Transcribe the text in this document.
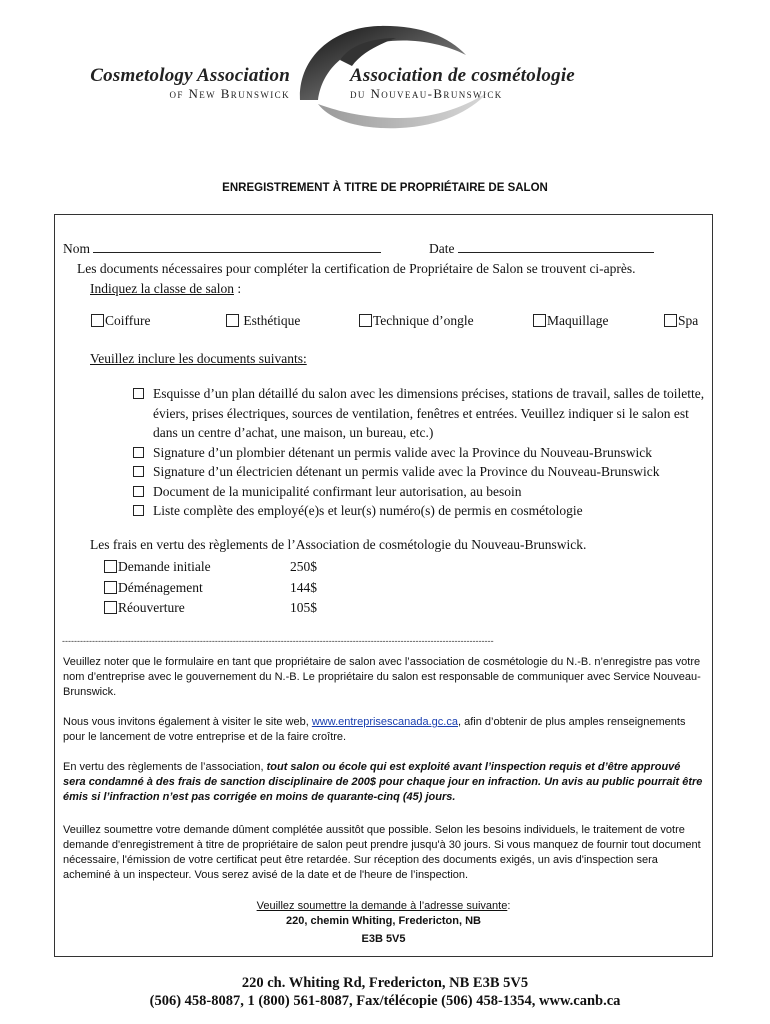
Cosmetology Association
of New Brunswick
Association de cosmétologie
du Nouveau-Brunswick
ENREGISTREMENT À TITRE DE PROPRIÉTAIRE DE SALON
Nom	Date
Les documents nécessaires pour compléter la certification de Propriétaire de Salon se trouvent ci-après.
Indiquez la classe de salon :
Coiffure	Esthétique	Technique d’ongle	Maquillage	Spa
Veuillez inclure les documents suivants:
Esquisse d’un plan détaillé du salon avec les dimensions précises, stations de travail, salles de toilette, éviers, prises électriques, sources de ventilation, fenêtres et entrées. Veuillez indiquer si le salon est dans un centre d’achat, une maison, un bureau, etc.)
Signature d’un plombier détenant un permis valide avec la Province du Nouveau-Brunswick
Signature d’un électricien détenant un permis valide avec la Province du Nouveau-Brunswick
Document de la municipalité confirmant leur autorisation, au besoin
Liste complète des employé(e)s et leur(s) numéro(s) de permis en cosmétologie
Les frais en vertu des règlements de l’Association de cosmétologie du Nouveau-Brunswick.
Demande initiale	250$
Déménagement	144$
Réouverture	105$
------------------------------------------------------------------------------------------------------------------------------------------------
Veuillez noter que le formulaire en tant que propriétaire de salon avec l’association de cosmétologie du N.-B. n’enregistre pas votre nom d’entreprise avec le gouvernement du N.-B. Le propriétaire du salon est responsable de communiquer avec Service Nouveau-Brunswick.
Nous vous invitons également à visiter le site web, www.entreprisescanada.gc.ca, afin d’obtenir de plus amples renseignements pour le lancement de votre entreprise et de la faire croître.
En vertu des règlements de l’association, tout salon ou école qui est exploité avant l’inspection requis et d’être approuvé sera condamné à des frais de sanction disciplinaire de 200$ pour chaque jour en infraction. Un avis au public pourrait être émis si l’infraction n’est pas corrigée en moins de quarante-cinq (45) jours.
Veuillez soumettre votre demande dûment complétée aussitôt que possible. Selon les besoins individuels, le traitement de votre demande d'enregistrement à titre de propriétaire de salon peut prendre jusqu'à 30 jours. Si vous manquez de fournir tout document nécessaire, l'émission de votre certificat peut être retardée. Sur réception des documents exigés, un avis d'inspection sera acheminé à un inspecteur. Vous serez avisé de la date et de l'heure de l’inspection.
Veuillez soumettre la demande à l’adresse suivante:
220, chemin Whiting, Fredericton, NB
E3B 5V5
220 ch. Whiting Rd, Fredericton, NB E3B 5V5
(506) 458-8087, 1 (800) 561-8087, Fax/télécopie (506) 458-1354, www.canb.ca
